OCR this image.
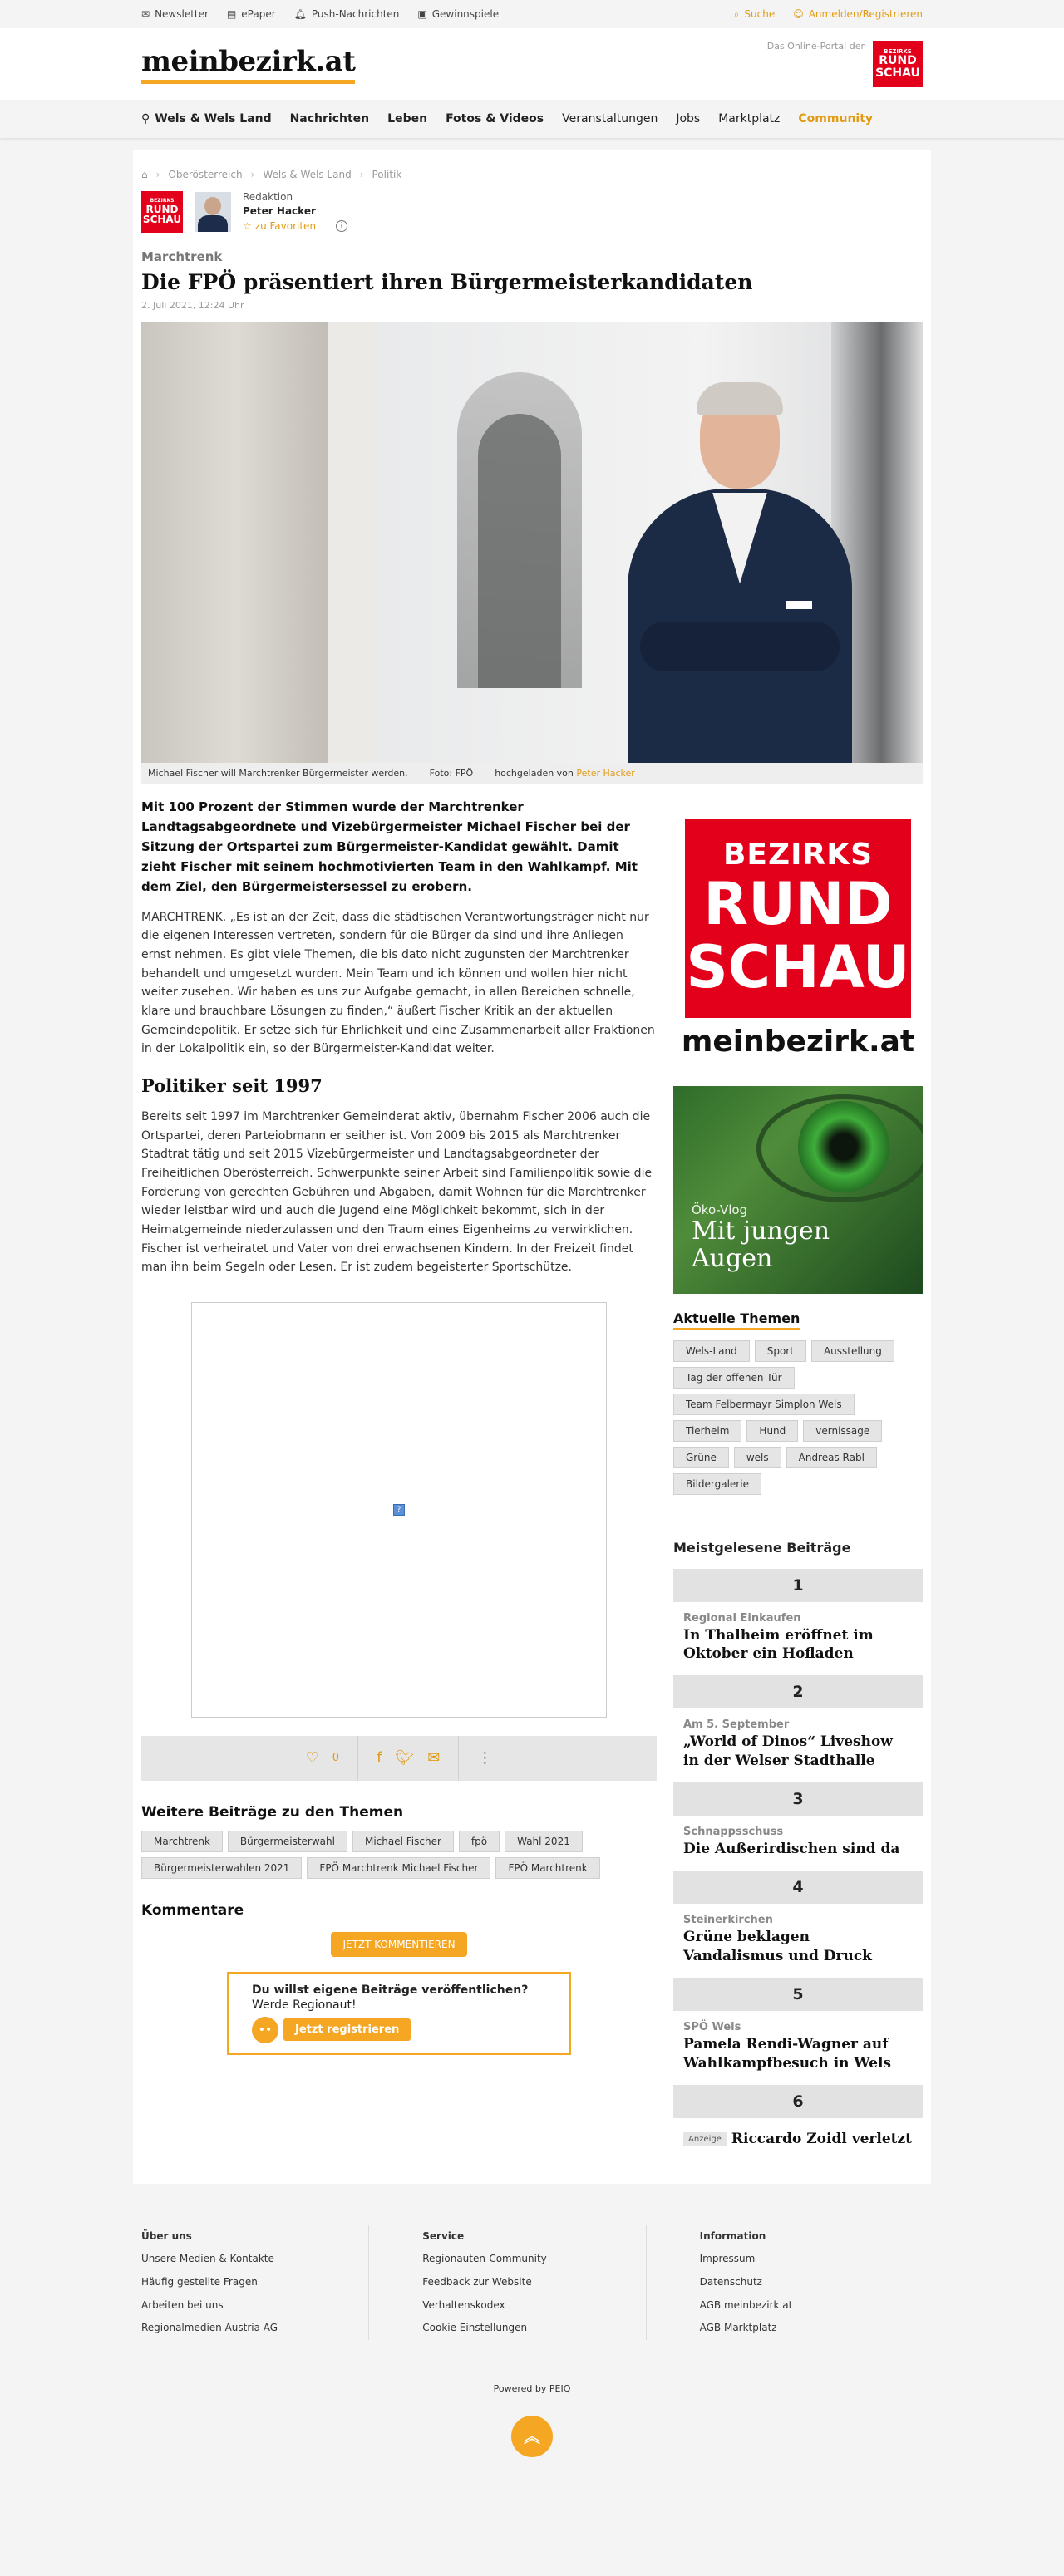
✉ Newsletter ▤ ePaper 🔔︎ Push-Nachrichten ▣ Gewinnspiele	⌕ Suche ☺ Anmelden/Registrieren
meinbezirk.at	Das Online-Portal der	BEZIRKS
RUND
SCHAU
⚲ Wels & Wels Land Nachrichten Leben Fotos & Videos Veranstaltungen Jobs Marktplatz Community
⌂ › Oberösterreich › Wels & Wels Land › Politik
BEZIRKS
RUND
SCHAU
Redaktion
Peter Hacker
☆ zu Favoriten	i
Marchtrenk
Die FPÖ präsentiert ihren Bürgermeisterkandidaten
2. Juli 2021, 12:24 Uhr
Michael Fischer will Marchtrenker Bürgermeister werden. Foto: FPÖ hochgeladen von Peter Hacker

Mit 100 Prozent der Stimmen wurde der Marchtrenker Landtagsabgeordnete und Vizebürgermeister Michael Fischer bei der Sitzung der Ortspartei zum Bürgermeister-Kandidat gewählt. Damit zieht Fischer mit seinem hochmotivierten Team in den Wahlkampf. Mit dem Ziel, den Bürgermeistersessel zu erobern.

MARCHTRENK. „Es ist an der Zeit, dass die städtischen Verantwortungsträger nicht nur die eigenen Interessen vertreten, sondern für die Bürger da sind und ihre Anliegen ernst nehmen. Es gibt viele Themen, die bis dato nicht zugunsten der Marchtrenker behandelt und umgesetzt wurden. Mein Team und ich können und wollen hier nicht weiter zusehen. Wir haben es uns zur Aufgabe gemacht, in allen Bereichen schnelle, klare und brauchbare Lösungen zu finden,“ äußert Fischer Kritik an der aktuellen Gemeindepolitik. Er setze sich für Ehrlichkeit und eine Zusammenarbeit aller Fraktionen in der Lokalpolitik ein, so der Bürgermeister-Kandidat weiter.

Politiker seit 1997

Bereits seit 1997 im Marchtrenker Gemeinderat aktiv, übernahm Fischer 2006 auch die Ortspartei, deren Parteiobmann er seither ist. Von 2009 bis 2015 als Marchtrenker Stadtrat tätig und seit 2015 Vizebürgermeister und Landtagsabgeordneter der Freiheitlichen Oberösterreich. Schwerpunkte seiner Arbeit sind Familienpolitik sowie die Forderung von gerechten Gebühren und Abgaben, damit Wohnen für die Marchtrenker wieder leistbar wird und auch die Jugend eine Möglichkeit bekommt, sich in der Heimatgemeinde niederzulassen und den Traum eines Eigenheims zu verwirklichen. Fischer ist verheiratet und Vater von drei erwachsenen Kindern. In der Freizeit findet man ihn beim Segeln oder Lesen. Er ist zudem begeisterter Sportschütze.

?
♡ 0	f 🐦︎ ✉	⋮
Weitere Beiträge zu den Themen
Marchtrenk	Bürgermeisterwahl	Michael Fischer	fpö	Wahl 2021
Bürgermeisterwahlen 2021	FPÖ Marchtrenk Michael Fischer	FPÖ Marchtrenk
Kommentare
JETZT KOMMENTIEREN
Du willst eigene Beiträge veröffentlichen?
Werde Regionaut!
••	Jetzt registrieren
BEZIRKS
RUND
SCHAU
meinbezirk.at
Öko-Vlog
Mit jungen
Augen
Aktuelle Themen
Wels-Land	Sport	Ausstellung
Tag der offenen Tür
Team Felbermayr Simplon Wels
Tierheim	Hund	vernissage
Grüne	wels	Andreas Rabl
Bildergalerie
Meistgelesene Beiträge
1
Regional Einkaufen
In Thalheim eröffnet im Oktober ein Hofladen
2
Am 5. September
„World of Dinos“ Liveshow in der Welser Stadthalle
3
Schnappsschuss
Die Außerirdischen sind da
4
Steinerkirchen
Grüne beklagen Vandalismus und Druck
5
SPÖ Wels
Pamela Rendi-Wagner auf Wahlkampfbesuch in Wels
6
Anzeige Riccardo Zoidl verletzt
Über uns
Unsere Medien & Kontakte
Häufig gestellte Fragen
Arbeiten bei uns
Regionalmedien Austria AG
Service
Regionauten-Community
Feedback zur Website
Verhaltenskodex
Cookie Einstellungen
Information
Impressum
Datenschutz
AGB meinbezirk.at
AGB Marktplatz
Powered by PEIQ
︽
